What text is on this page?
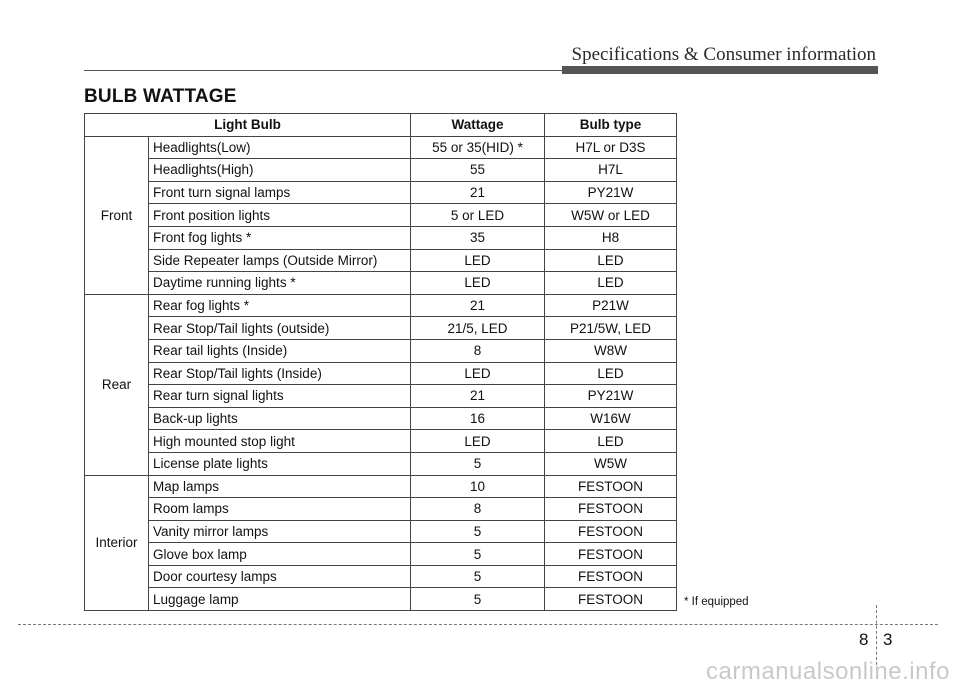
Specifications & Consumer information
BULB WATTAGE
Light Bulb		Wattage	Bulb type
Front	Headlights(Low)	55 or 35(HID) *	H7L or D3S
	Headlights(High)	55	H7L
	Front turn signal lamps	21	PY21W
	Front position lights	5 or LED	W5W or LED
	Front fog lights *	35	H8
	Side Repeater lamps (Outside Mirror)	LED	LED
	Daytime running lights *	LED	LED
Rear	Rear fog lights *	21	P21W
	Rear Stop/Tail lights (outside)	21/5, LED	P21/5W, LED
	Rear tail lights (Inside)	8	W8W
	Rear Stop/Tail lights (Inside)	LED	LED
	Rear turn signal lights	21	PY21W
	Back-up lights	16	W16W
	High mounted stop light	LED	LED
	License plate lights	5	W5W
Interior	Map lamps	10	FESTOON
	Room lamps	8	FESTOON
	Vanity mirror lamps	5	FESTOON
	Glove box lamp	5	FESTOON
	Door courtesy lamps	5	FESTOON
	Luggage lamp	5	FESTOON	* If equipped
8 3
carmanualsonline.info
